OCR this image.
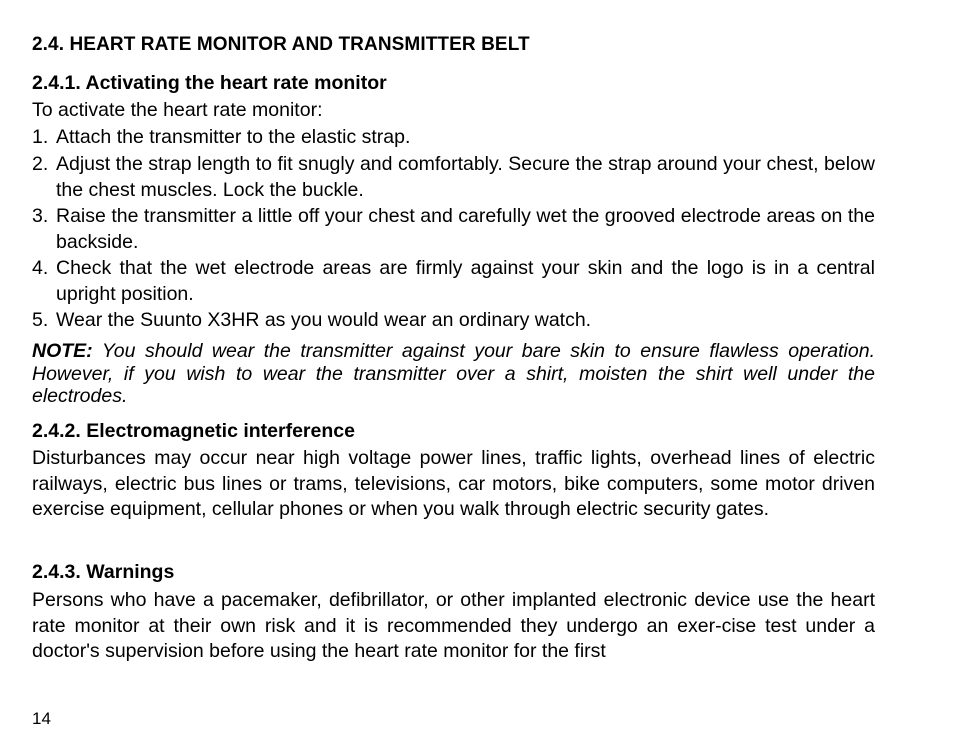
2.4. HEART RATE MONITOR AND TRANSMITTER BELT
2.4.1. Activating the heart rate monitor

To activate the heart rate monitor:

1. Attach the transmitter to the elastic strap.
2. Adjust the strap length to fit snugly and comfortably. Secure the strap around your chest, below the chest muscles. Lock the buckle.
3. Raise the transmitter a little off your chest and carefully wet the grooved electrode areas on the backside.
4. Check that the wet electrode areas are firmly against your skin and the logo is in a central upright position.
5. Wear the Suunto X3HR as you would wear an ordinary watch.

NOTE: You should wear the transmitter against your bare skin to ensure flawless operation. However, if you wish to wear the transmitter over a shirt, moisten the shirt well under the electrodes.

2.4.2. Electromagnetic interference

Disturbances may occur near high voltage power lines, traffic lights, overhead lines of electric railways, electric bus lines or trams, televisions, car motors, bike computers, some motor driven exercise equipment, cellular phones or when you walk through electric security gates.

2.4.3. Warnings

Persons who have a pacemaker, defibrillator, or other implanted electronic device use the heart rate monitor at their own risk and it is recommended they undergo an exer-cise test under a doctor's supervision before using the heart rate monitor for the first

14
